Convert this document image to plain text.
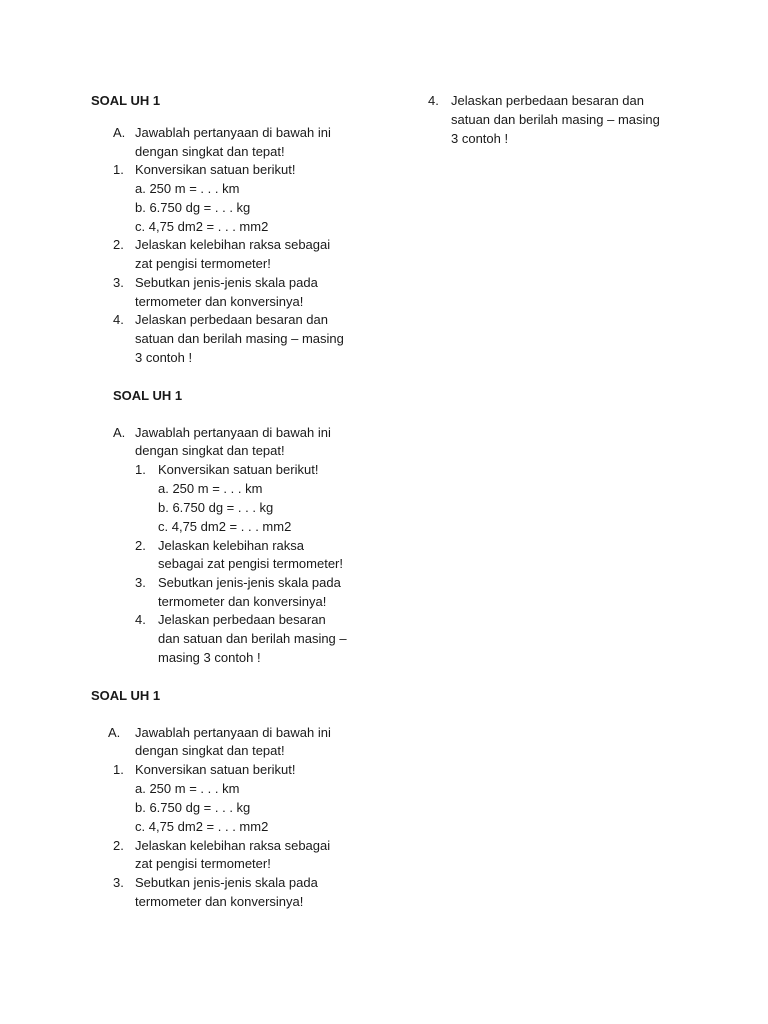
4. Jelaskan perbedaan besaran dan
satuan dan berilah masing – masing
3 contoh !
SOAL UH 1
A. Jawablah pertanyaan di bawah ini
dengan singkat dan tepat!
1. Konversikan satuan berikut!
a. 250 m = . . . km
b. 6.750 dg = . . . kg
c. 4,75 dm2 = . . . mm2
2. Jelaskan kelebihan raksa sebagai
zat pengisi termometer!
3. Sebutkan jenis-jenis skala pada
termometer dan konversinya!
4. Jelaskan perbedaan besaran dan
satuan dan berilah masing – masing
3 contoh !
SOAL UH 1
A. Jawablah pertanyaan di bawah ini
dengan singkat dan tepat!
1. Konversikan satuan berikut!
a. 250 m = . . . km
b. 6.750 dg = . . . kg
c. 4,75 dm2 = . . . mm2
2. Jelaskan kelebihan raksa
sebagai zat pengisi termometer!
3. Sebutkan jenis-jenis skala pada
termometer dan konversinya!
4. Jelaskan perbedaan besaran
dan satuan dan berilah masing –
masing 3 contoh !
SOAL UH 1
A. Jawablah pertanyaan di bawah ini
dengan singkat dan tepat!
1. Konversikan satuan berikut!
a. 250 m = . . . km
b. 6.750 dg = . . . kg
c. 4,75 dm2 = . . . mm2
2. Jelaskan kelebihan raksa sebagai
zat pengisi termometer!
3. Sebutkan jenis-jenis skala pada
termometer dan konversinya!
